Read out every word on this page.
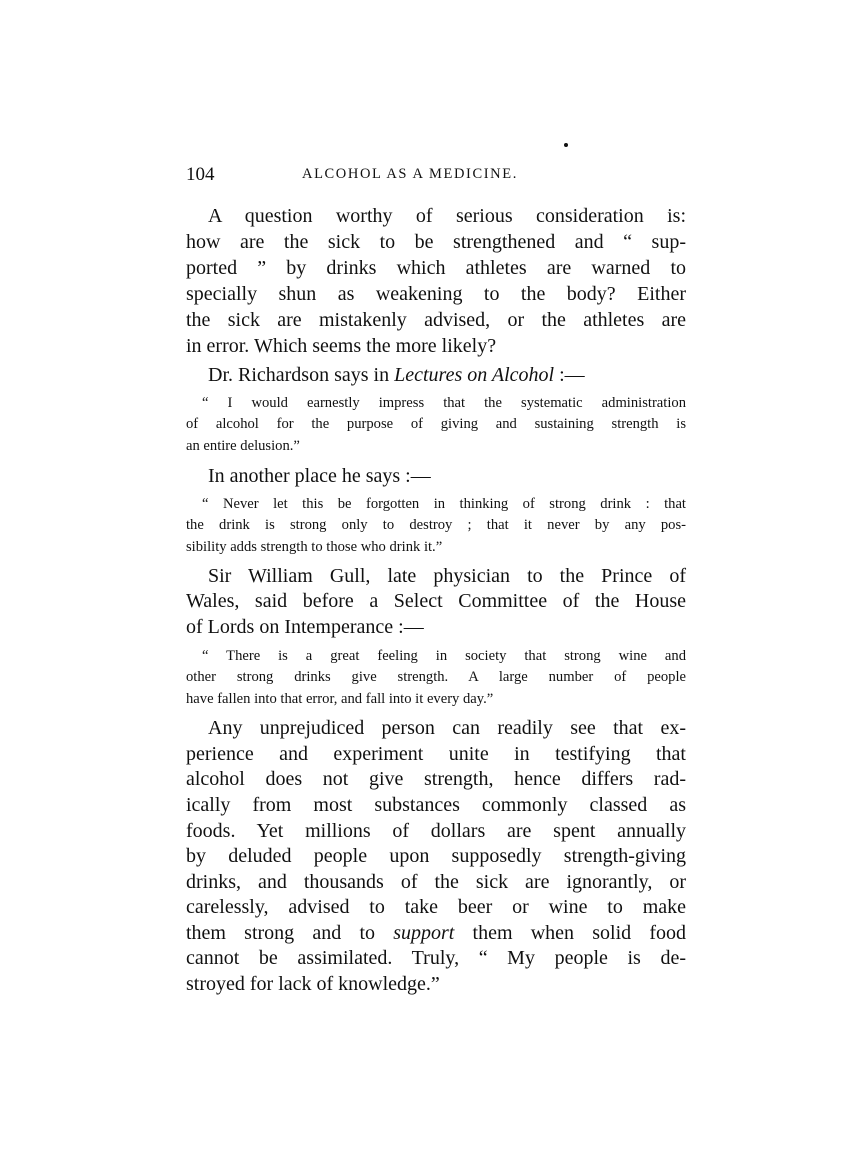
104	ALCOHOL AS A MEDICINE.
A question worthy of serious consideration is:
how are the sick to be strengthened and “ sup-
ported ” by drinks which athletes are warned to
specially shun as weakening to the body? Either
the sick are mistakenly advised, or the athletes are
in error. Which seems the more likely?
Dr. Richardson says in Lectures on Alcohol :—
“ I would earnestly impress that the systematic administration
of alcohol for the purpose of giving and sustaining strength is
an entire delusion.”
In another place he says :—
“ Never let this be forgotten in thinking of strong drink : that
the drink is strong only to destroy ; that it never by any pos-
sibility adds strength to those who drink it.”
Sir William Gull, late physician to the Prince of
Wales, said before a Select Committee of the House
of Lords on Intemperance :—
“ There is a great feeling in society that strong wine and
other strong drinks give strength. A large number of people
have fallen into that error, and fall into it every day.”
Any unprejudiced person can readily see that ex-
perience and experiment unite in testifying that
alcohol does not give strength, hence differs rad-
ically from most substances commonly classed as
foods. Yet millions of dollars are spent annually
by deluded people upon supposedly strength-giving
drinks, and thousands of the sick are ignorantly, or
carelessly, advised to take beer or wine to make
them strong and to support them when solid food
cannot be assimilated. Truly, “ My people is de-
stroyed for lack of knowledge.”
